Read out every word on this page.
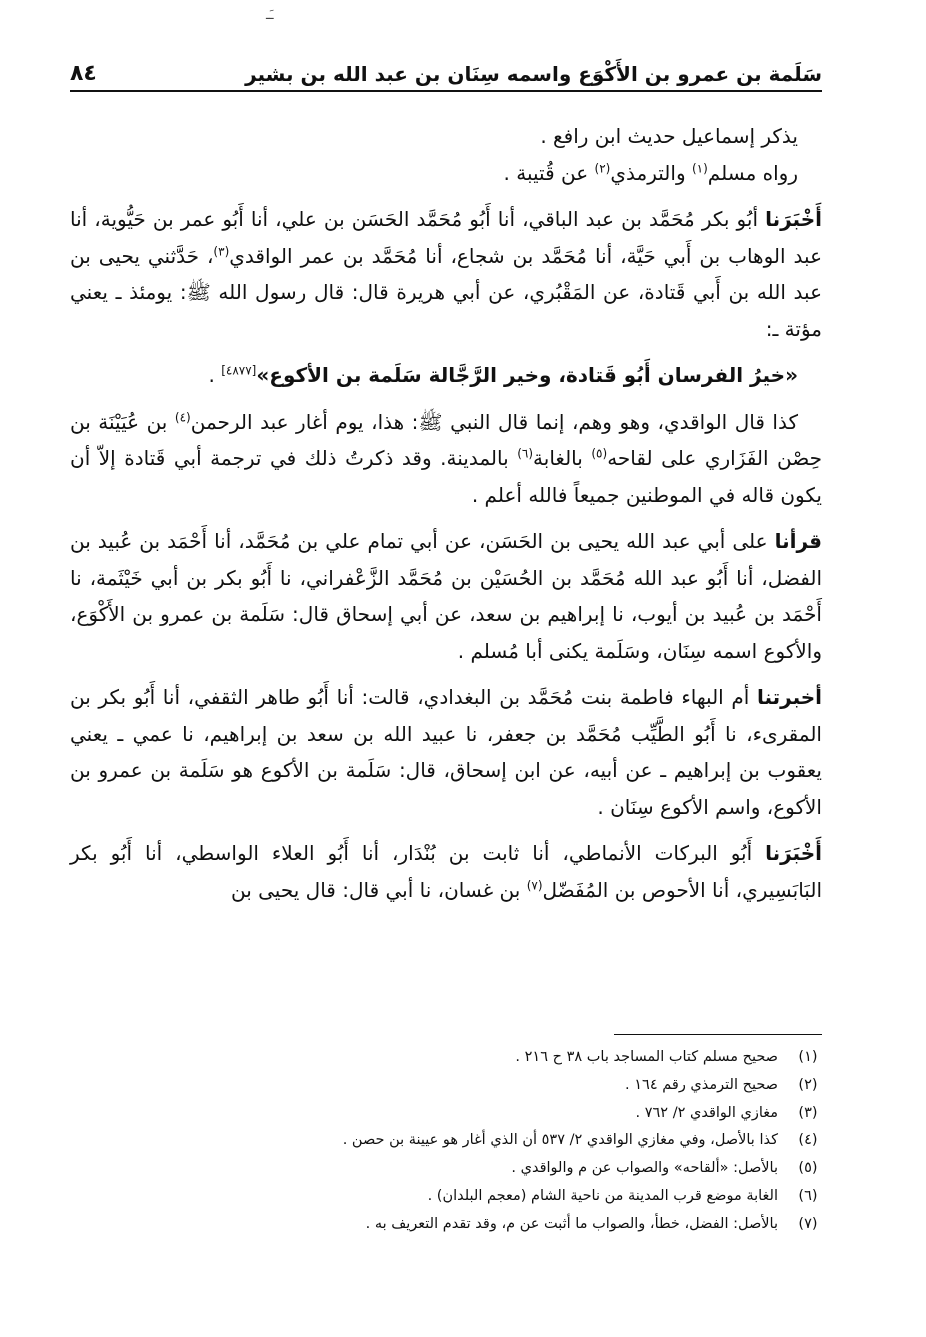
ـَـ
سَلَمة بن عمرو بن الأَكْوَع واسمه سِنَان بن عبد الله بن بشير
٨٤

يذكر إسماعيل حديث ابن رافع .

رواه مسلم$^{(١)}$ والترمذي$^{(٢)}$ عن قُتيبة .

أَخْبَرَنا أبُو بكر مُحَمَّد بن عبد الباقي، أنا أَبُو مُحَمَّد الحَسَن بن علي، أنا أَبُو عمر بن حَيُّوية، أنا عبد الوهاب بن أَبي حَيَّة، أنا مُحَمَّد بن شجاع، أنا مُحَمَّد بن عمر الواقدي$^{(٣)}$، حَدَّثني يحيى بن عبد الله بن أَبي قَتادة، عن المَقْبُري، عن أبي هريرة قال: قال رسول الله ﷺ: يومئذ ـ يعني مؤتة ـ:

«خيرُ الفرسان أَبُو قَتادة، وخير الرَّجَّالة سَلَمة بن الأكوع»[٤٨٧٧] .

كذا قال الواقدي، وهو وهم، إنما قال النبي ﷺ: هذا، يوم أغار عبد الرحمن$^{(٤)}$ بن عُيَيْنَة بن حِصْن الفَزَاري على لقاحه$^{(٥)}$ بالغابة$^{(٦)}$ بالمدينة. وقد ذكرتُ ذلك في ترجمة أبي قَتادة إلاّ أن يكون قاله في الموطنين جميعاً فالله أعلم .

قرأنا على أبي عبد الله يحيى بن الحَسَن، عن أبي تمام علي بن مُحَمَّد، أنا أَحْمَد بن عُبيد بن الفضل، أنا أَبُو عبد الله مُحَمَّد بن الحُسَيْن بن مُحَمَّد الزَّعْفراني، نا أَبُو بكر بن أبي خَيْثَمة، نا أَحْمَد بن عُبيد بن أيوب، نا إبراهيم بن سعد، عن أبي إسحاق قال: سَلَمة بن عمرو بن الأَكْوَع، والأكوع اسمه سِنَان، وسَلَمة يكنى أبا مُسلم .

أخبرتنا أم البهاء فاطمة بنت مُحَمَّد بن البغدادي، قالت: أنا أَبُو طاهر الثقفي، أنا أَبُو بكر بن المقرىء، نا أَبُو الطَّيِّب مُحَمَّد بن جعفر، نا عبيد الله بن سعد بن إبراهيم، نا عمي ـ يعني يعقوب بن إبراهيم ـ عن أبيه، عن ابن إسحاق، قال: سَلَمة بن الأكوع هو سَلَمة بن عمرو بن الأكوع، واسم الأكوع سِنَان .

أَخْبَرَنا أَبُو البركات الأنماطي، أنا ثابت بن بُنْدَار، أنا أَبُو العلاء الواسطي، أنا أَبُو بكر البَابَسِيري، أنا الأحوص بن المُفَضّل$^{(٧)}$ بن غسان، نا أبي قال: قال يحيى بن

(١)
صحيح مسلم كتاب المساجد باب ٣٨ ح ٢١٦ .
(٢)
صحيح الترمذي رقم ١٦٤ .
(٣)
مغازي الواقدي ٢/ ٧٦٢ .
(٤)
كذا بالأصل، وفي مغازي الواقدي ٢/ ٥٣٧ أن الذي أغار هو عيينة بن حصن .
(٥)
بالأصل: «ألقاحه» والصواب عن م والواقدي .
(٦)
الغابة موضع قرب المدينة من ناحية الشام (معجم البلدان) .
(٧)
بالأصل: الفضل، خطأ، والصواب ما أثبت عن م، وقد تقدم التعريف به .
